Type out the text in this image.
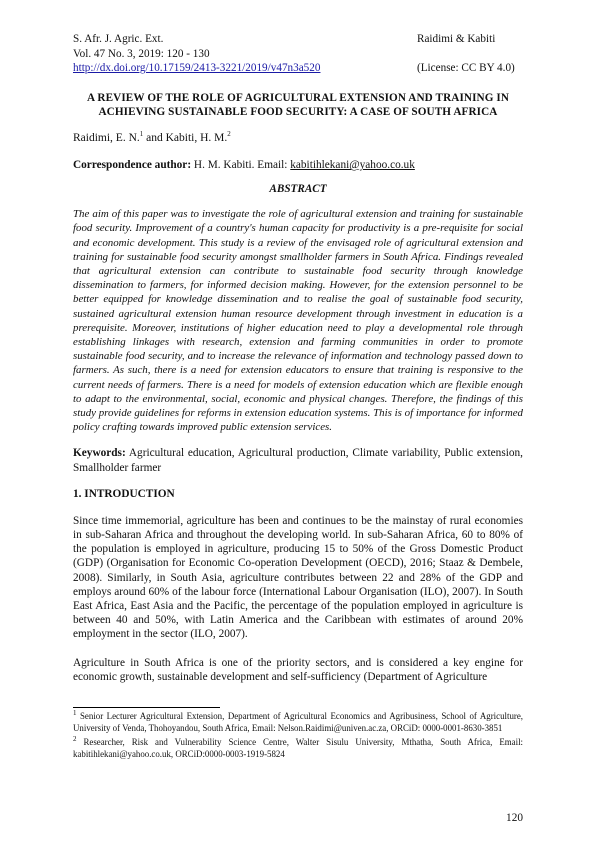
S. Afr. J. Agric. Ext.	Raidimi & Kabiti
Vol. 47 No. 3, 2019: 120 - 130
http://dx.doi.org/10.17159/2413-3221/2019/v47n3a520	(License: CC BY 4.0)
A REVIEW OF THE ROLE OF AGRICULTURAL EXTENSION AND TRAINING IN ACHIEVING SUSTAINABLE FOOD SECURITY: A CASE OF SOUTH AFRICA
Raidimi, E. N.$^1$ and Kabiti, H. M.$^2$
Correspondence author: H. M. Kabiti. Email: kabitihlekani@yahoo.co.uk
ABSTRACT
The aim of this paper was to investigate the role of agricultural extension and training for sustainable food security. Improvement of a country's human capacity for productivity is a pre-requisite for social and economic development. This study is a review of the envisaged role of agricultural extension and training for sustainable food security amongst smallholder farmers in South Africa. Findings revealed that agricultural extension can contribute to sustainable food security through knowledge dissemination to farmers, for informed decision making. However, for the extension personnel to be better equipped for knowledge dissemination and to realise the goal of sustainable food security, sustained agricultural extension human resource development through investment in education is a prerequisite. Moreover, institutions of higher education need to play a developmental role through establishing linkages with research, extension and farming communities in order to promote sustainable food security, and to increase the relevance of information and technology passed down to farmers. As such, there is a need for extension educators to ensure that training is responsive to the current needs of farmers. There is a need for models of extension education which are flexible enough to adapt to the environmental, social, economic and physical changes. Therefore, the findings of this study provide guidelines for reforms in extension education systems. This is of importance for informed policy crafting towards improved public extension services.
Keywords: Agricultural education, Agricultural production, Climate variability, Public extension, Smallholder farmer
1. INTRODUCTION
Since time immemorial, agriculture has been and continues to be the mainstay of rural economies in sub-Saharan Africa and throughout the developing world. In sub-Saharan Africa, 60 to 80% of the population is employed in agriculture, producing 15 to 50% of the Gross Domestic Product (GDP) (Organisation for Economic Co-operation Development (OECD), 2016; Staaz & Dembele, 2008). Similarly, in South Asia, agriculture contributes between 22 and 28% of the GDP and employs around 60% of the labour force (International Labour Organisation (ILO), 2007). In South East Africa, East Asia and the Pacific, the percentage of the population employed in agriculture is between 40 and 50%, with Latin America and the Caribbean with estimates of around 20% employment in the sector (ILO, 2007).
Agriculture in South Africa is one of the priority sectors, and is considered a key engine for economic growth, sustainable development and self-sufficiency (Department of Agriculture

$^1$ Senior Lecturer Agricultural Extension, Department of Agricultural Economics and Agribusiness, School of Agriculture, University of Venda, Thohoyandou, South Africa, Email: Nelson.Raidimi@univen.ac.za, ORCiD: 0000-0001-8630-3851

$^2$ Researcher, Risk and Vulnerability Science Centre, Walter Sisulu University, Mthatha, South Africa, Email: kabitihlekani@yahoo.co.uk, ORCiD:0000-0003-1919-5824

120
